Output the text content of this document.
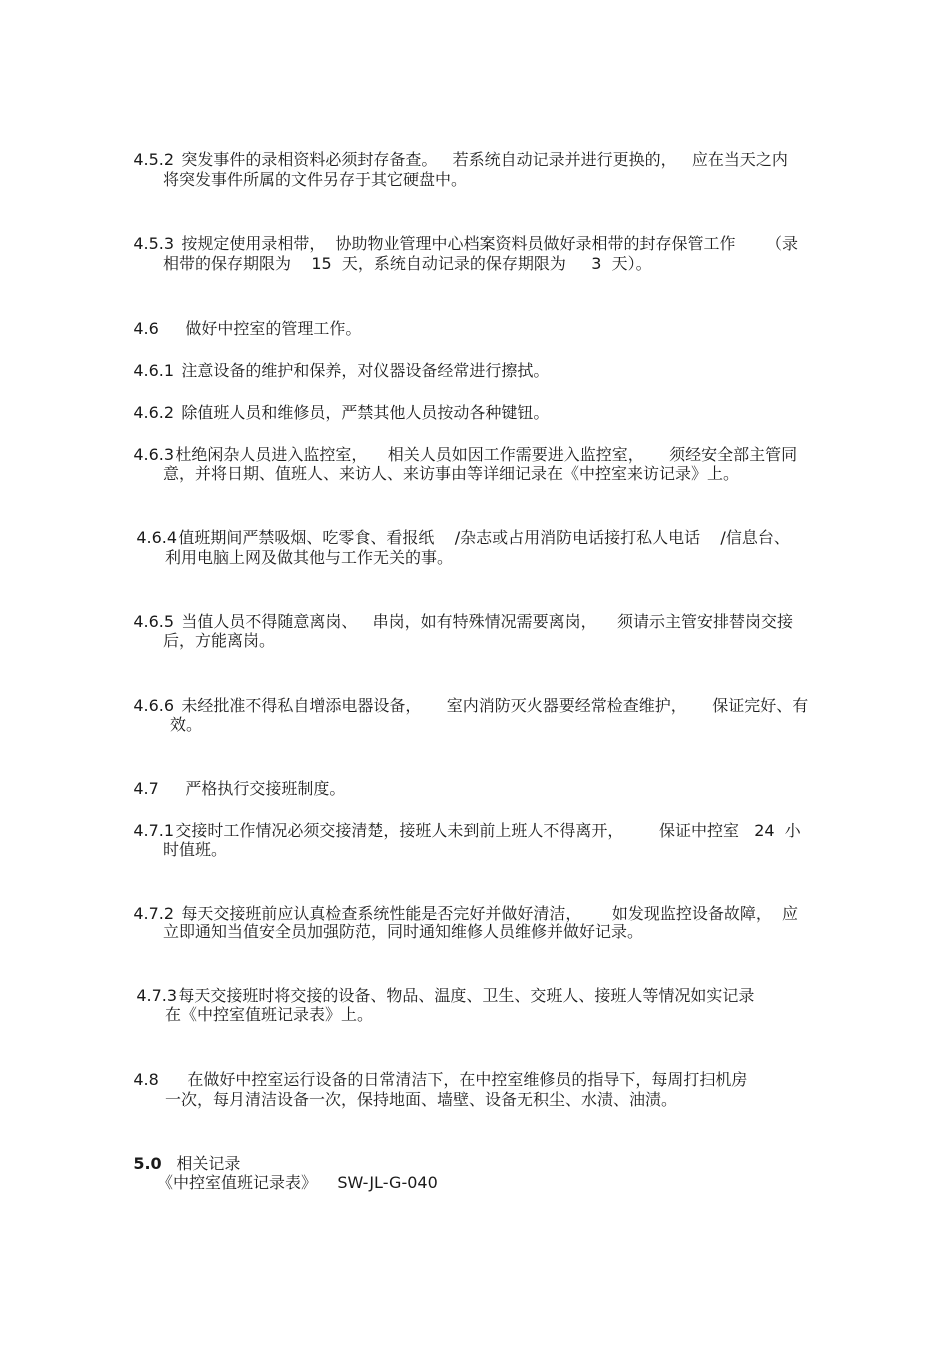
4.5.2 突发事件的录相资料必须封存备查。   若系统自动记录并进行更换的，   应在当天之内

将突发事件所属的文件另存于其它硬盘中。

4.5.3 按规定使用录相带，  协助物业管理中心档案资料员做好录相带的封存保管工作      （录

相带的保存期限为    15  天，系统自动记录的保存期限为     3  天）。

4.6 做好中控室的管理工作。

4.6.1 注意设备的维护和保养，对仪器设备经常进行擦拭。

4.6.2 除值班人员和维修员，严禁其他人员按动各种键钮。

4.6.3杜绝闲杂人员进入监控室，    相关人员如因工作需要进入监控室，     须经安全部主管同

意，并将日期、值班人、来访人、来访事由等详细记录在《中控室来访记录》上。

4.6.4值班期间严禁吸烟、吃零食、看报纸    /杂志或占用消防电话接打私人电话    /信息台、

利用电脑上网及做其他与工作无关的事。

4.6.5 当值人员不得随意离岗、   串岗，如有特殊情况需要离岗，    须请示主管安排替岗交接

后，方能离岗。

4.6.6 未经批准不得私自增添电器设备，     室内消防灭火器要经常检查维护，     保证完好、有

效。

4.7 严格执行交接班制度。

4.7.1交接时工作情况必须交接清楚，接班人未到前上班人不得离开，       保证中控室   24  小

时值班。

4.7.2 每天交接班前应认真检查系统性能是否完好并做好清洁，      如发现监控设备故障，  应

立即通知当值安全员加强防范，同时通知维修人员维修并做好记录。

4.7.3每天交接班时将交接的设备、物品、温度、卫生、交班人、接班人等情况如实记录

在《中控室值班记录表》上。

4.8 在做好中控室运行设备的日常清洁下，在中控室维修员的指导下，每周打扫机房

一次，每月清洁设备一次，保持地面、墙壁、设备无积尘、水渍、油渍。

5.0 相关记录

《中控室值班记录表》    SW-JL-G-040
